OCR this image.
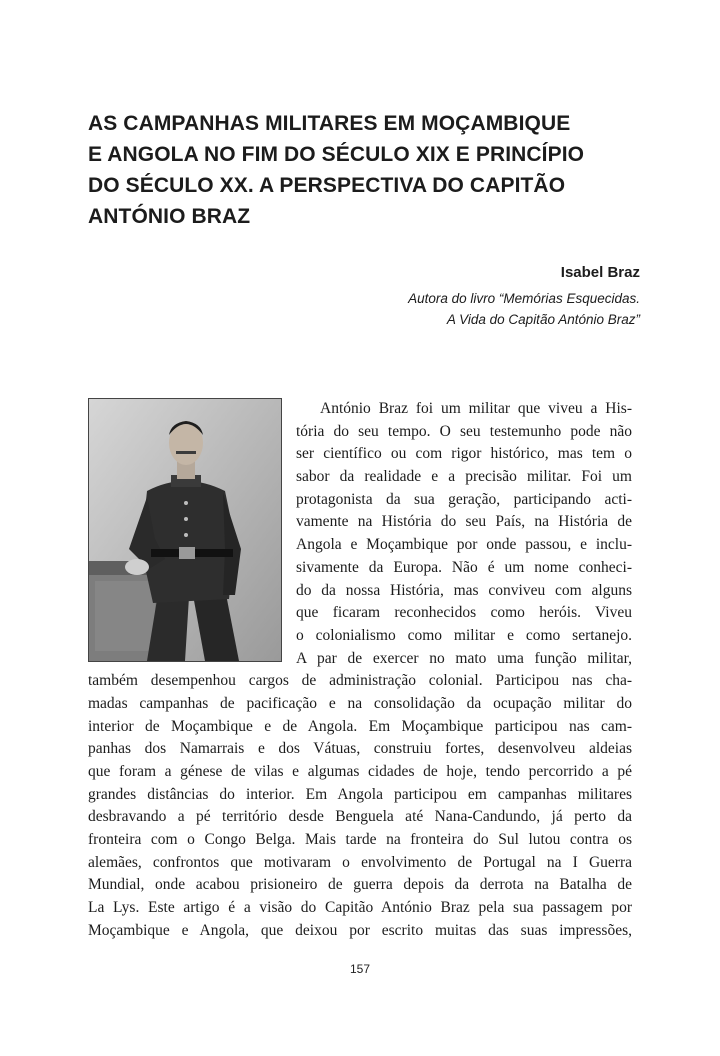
AS CAMPANHAS MILITARES EM MOÇAMBIQUE
E ANGOLA NO FIM DO SÉCULO XIX E PRINCÍPIO
DO SÉCULO XX. A PERSPECTIVA DO CAPITÃO
ANTÓNIO BRAZ
Isabel Braz
Autora do livro “Memórias Esquecidas.
A Vida do Capitão António Braz”
António Braz foi um militar que viveu a His-
tória do seu tempo. O seu testemunho pode não
ser científico ou com rigor histórico, mas tem o
sabor da realidade e a precisão militar. Foi um
protagonista da sua geração, participando acti-
vamente na História do seu País, na História de
Angola e Moçambique por onde passou, e inclu-
sivamente da Europa. Não é um nome conheci-
do da nossa História, mas conviveu com alguns
que ficaram reconhecidos como heróis. Viveu
o colonialismo como militar e como sertanejo.
A par de exercer no mato uma função militar,
também desempenhou cargos de administração colonial. Participou nas cha-
madas campanhas de pacificação e na consolidação da ocupação militar do
interior de Moçambique e de Angola. Em Moçambique participou nas cam-
panhas dos Namarrais e dos Vátuas, construiu fortes, desenvolveu aldeias
que foram a génese de vilas e algumas cidades de hoje, tendo percorrido a pé
grandes distâncias do interior. Em Angola participou em campanhas militares
desbravando a pé território desde Benguela até Nana-Candundo, já perto da
fronteira com o Congo Belga. Mais tarde na fronteira do Sul lutou contra os
alemães, confrontos que motivaram o envolvimento de Portugal na I Guerra
Mundial, onde acabou prisioneiro de guerra depois da derrota na Batalha de
La Lys. Este artigo é a visão do Capitão António Braz pela sua passagem por
Moçambique e Angola, que deixou por escrito muitas das suas impressões,
157
